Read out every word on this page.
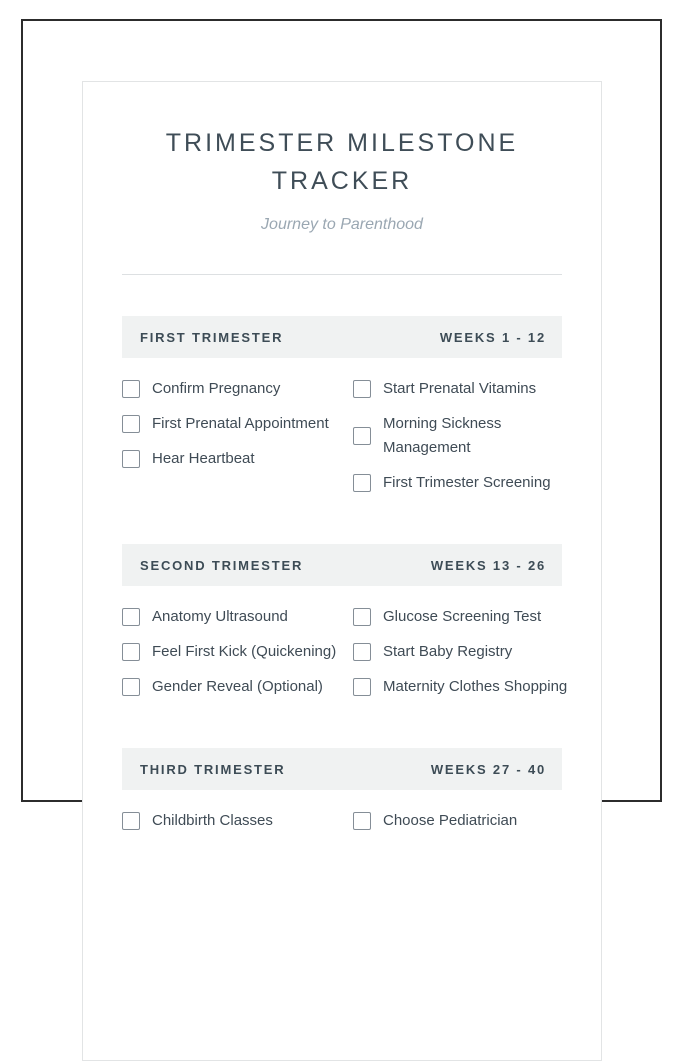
TRIMESTER MILESTONE TRACKER
Journey to Parenthood
FIRST TRIMESTER	WEEKS 1 - 12
Confirm Pregnancy
First Prenatal Appointment
Hear Heartbeat
Start Prenatal Vitamins
Morning Sickness Management
First Trimester Screening
SECOND TRIMESTER	WEEKS 13 - 26
Anatomy Ultrasound
Feel First Kick (Quickening)
Gender Reveal (Optional)
Glucose Screening Test
Start Baby Registry
Maternity Clothes Shopping
THIRD TRIMESTER	WEEKS 27 - 40
Childbirth Classes	Choose Pediatrician
